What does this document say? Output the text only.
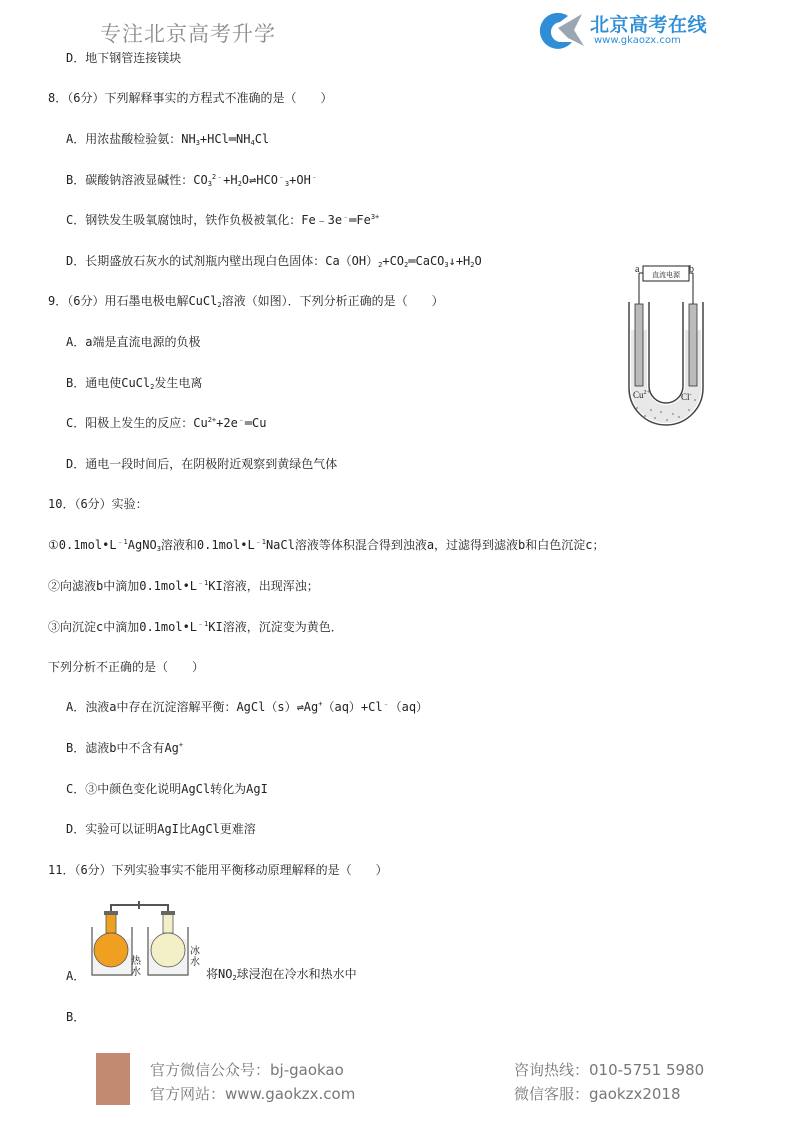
专注北京高考升学	北京高考在线
www.gkaozx.com
D．地下钢管连接镁块
8．（6分）下列解释事实的方程式不准确的是（　　）
A．用浓盐酸检验氨：$NH_3+HCl═NH_4Cl$
B．碳酸钠溶液显碱性：$CO_3^{2﹣}+H_2O\rightleftharpoons HCO^﹣_3+OH^﹣$
C．钢铁发生吸氧腐蚀时，铁作负极被氧化：$Fe﹣3e^﹣═Fe^{3+}$
D．长期盛放石灰水的试剂瓶内壁出现白色固体：$Ca(OH)_2+CO_2═CaCO_3↓+H_2O$
9．（6分）用石墨电极电解CuCl$_2$溶液（如图）．下列分析正确的是（　　）
A．a端是直流电源的负极
B．通电使CuCl$_2$发生电离
C．阳极上发生的反应：$Cu^{2+}+2e^﹣═Cu$
D．通电一段时间后，在阴极附近观察到黄绿色气体
a	b
直流电源
$Cu^{2+}$	Cl-
10．（6分）实验：
$①0.1mol•L^{﹣1}AgNO_3$溶液和$0.1mol•L^{﹣1}NaCl$溶液等体积混合得到浊液a，过滤得到滤液b和白色沉淀c；
②向滤液b中滴加$0.1mol•L^{﹣1}KI$溶液，出现浑浊；
③向沉淀c中滴加$0.1mol•L^{﹣1}KI$溶液，沉淀变为黄色．
下列分析不正确的是（　　）
A．浊液a中存在沉淀溶解平衡：AgCl（s）⇌Ag+（aq）+Cl﹣（aq）
B．滤液b中不含有Ag+
C．③中颜色变化说明AgCl转化为AgI
D．实验可以证明AgI比AgCl更难溶
11．（6分）下列实验事实不能用平衡移动原理解释的是（　　）
热水
冰水
A．	将$NO_2$球浸泡在冷水和热水中
B．
官方微信公众号：bj-gaokao
官方网站：www.gaokzx.com
咨询热线：010-5751 5980
微信客服：gaokzx2018
